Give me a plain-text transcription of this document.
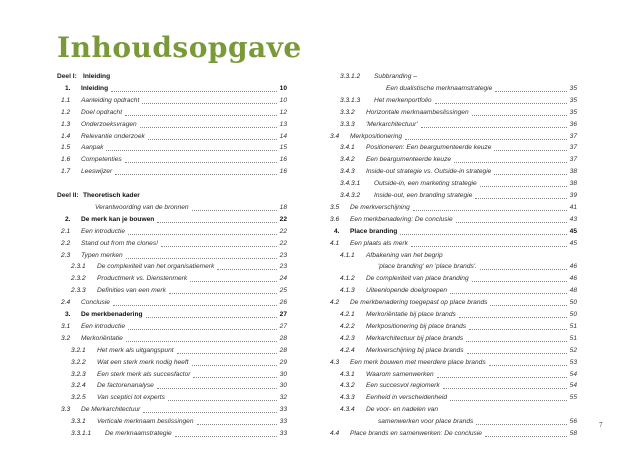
Inhoudsopgave
Deel I: Inleiding
1.	Inleiding	10
1.1	Aanleiding opdracht	10
1.2	Doel opdracht	12
1.3	Onderzoeksvragen	13
1.4	Relevantie onderzoek	14
1.5	Aanpak	15
1.6	Competenties	16
1.7	Leeswijzer	16
Deel II: Theoretisch kader
Verantwoording van de bronnen	18
2.	De merk kan je bouwen	22
2.1	Een introductie	22
2.2	Stand out from the clones!	22
2.3	Typen merken	23
2.3.1	De complexiteit van het organisatiemerk	23
2.3.2	Productmerk vs. Dienstenmerk	24
2.3.3	Definities van een merk	25
2.4	Conclusie	26
3.	De merkbenadering	27
3.1	Een introductie	27
3.2	Merkoriëntatie	28
3.2.1	Het merk als uitgangspunt	28
3.2.2	Wat een sterk merk nodig heeft	29
3.2.3	Een sterk merk als succesfactor	30
3.2.4	De factorenanalyse	30
3.2.5	Van sceptici tot experts	32
3.3	De Merkarchitectuur	33
3.3.1	Verticale merknaam beslissingen	33
3.3.1.1	De merknaamstrategie	33
3.3.1.2	Subbranding –
Een dualistische merknaamstrategie	35
3.3.1.3	Het merkenportfolio	35
3.3.2	Horizontale merknaambeslissingen	35
3.3.3	'Merkarchitectuur'	36
3.4	Merkpositionering	37
3.4.1	Positioneren: Een beargumenteerde keuze	37
3.4.2	Een beargumenteerde keuze	37
3.4.3	Inside-out strategie vs. Outside-in strategie	38
3.4.3.1	Outside-in, een marketing strategie	38
3.4.3.2	Inside-out, een branding strategie	39
3.5	De merkverschijning	41
3.6	Een merkbenadering: De conclusie	43
4.	Place branding	45
4.1	Een plaats als merk	45
4.1.1	Afbakening van het begrip
'place branding' en 'place brands'.	46
4.1.2	De complexiteit van place branding	46
4.1.3	Uiteenlopende doelgroepen	48
4.2	De merkbenadering toegepast op place brands	50
4.2.1	Merkoriëntatie bij place brands	50
4.2.2	Merkpositionering bij place brands	51
4.2.3	Merkarchitectuur bij place brands	51
4.2.4	Merkverschijning bij place brands	52
4.3	Een merk bouwen met meerdere place brands	53
4.3.1	Waarom samenwerken	54
4.3.2	Een succesvol regiomerk	54
4.3.3	Eenheid in verscheidenheid	55
4.3.4	De voor- en nadelen van
samenwerken voor place brands	56
4.4	Place brands en samenwerken: De conclusie	58
7
